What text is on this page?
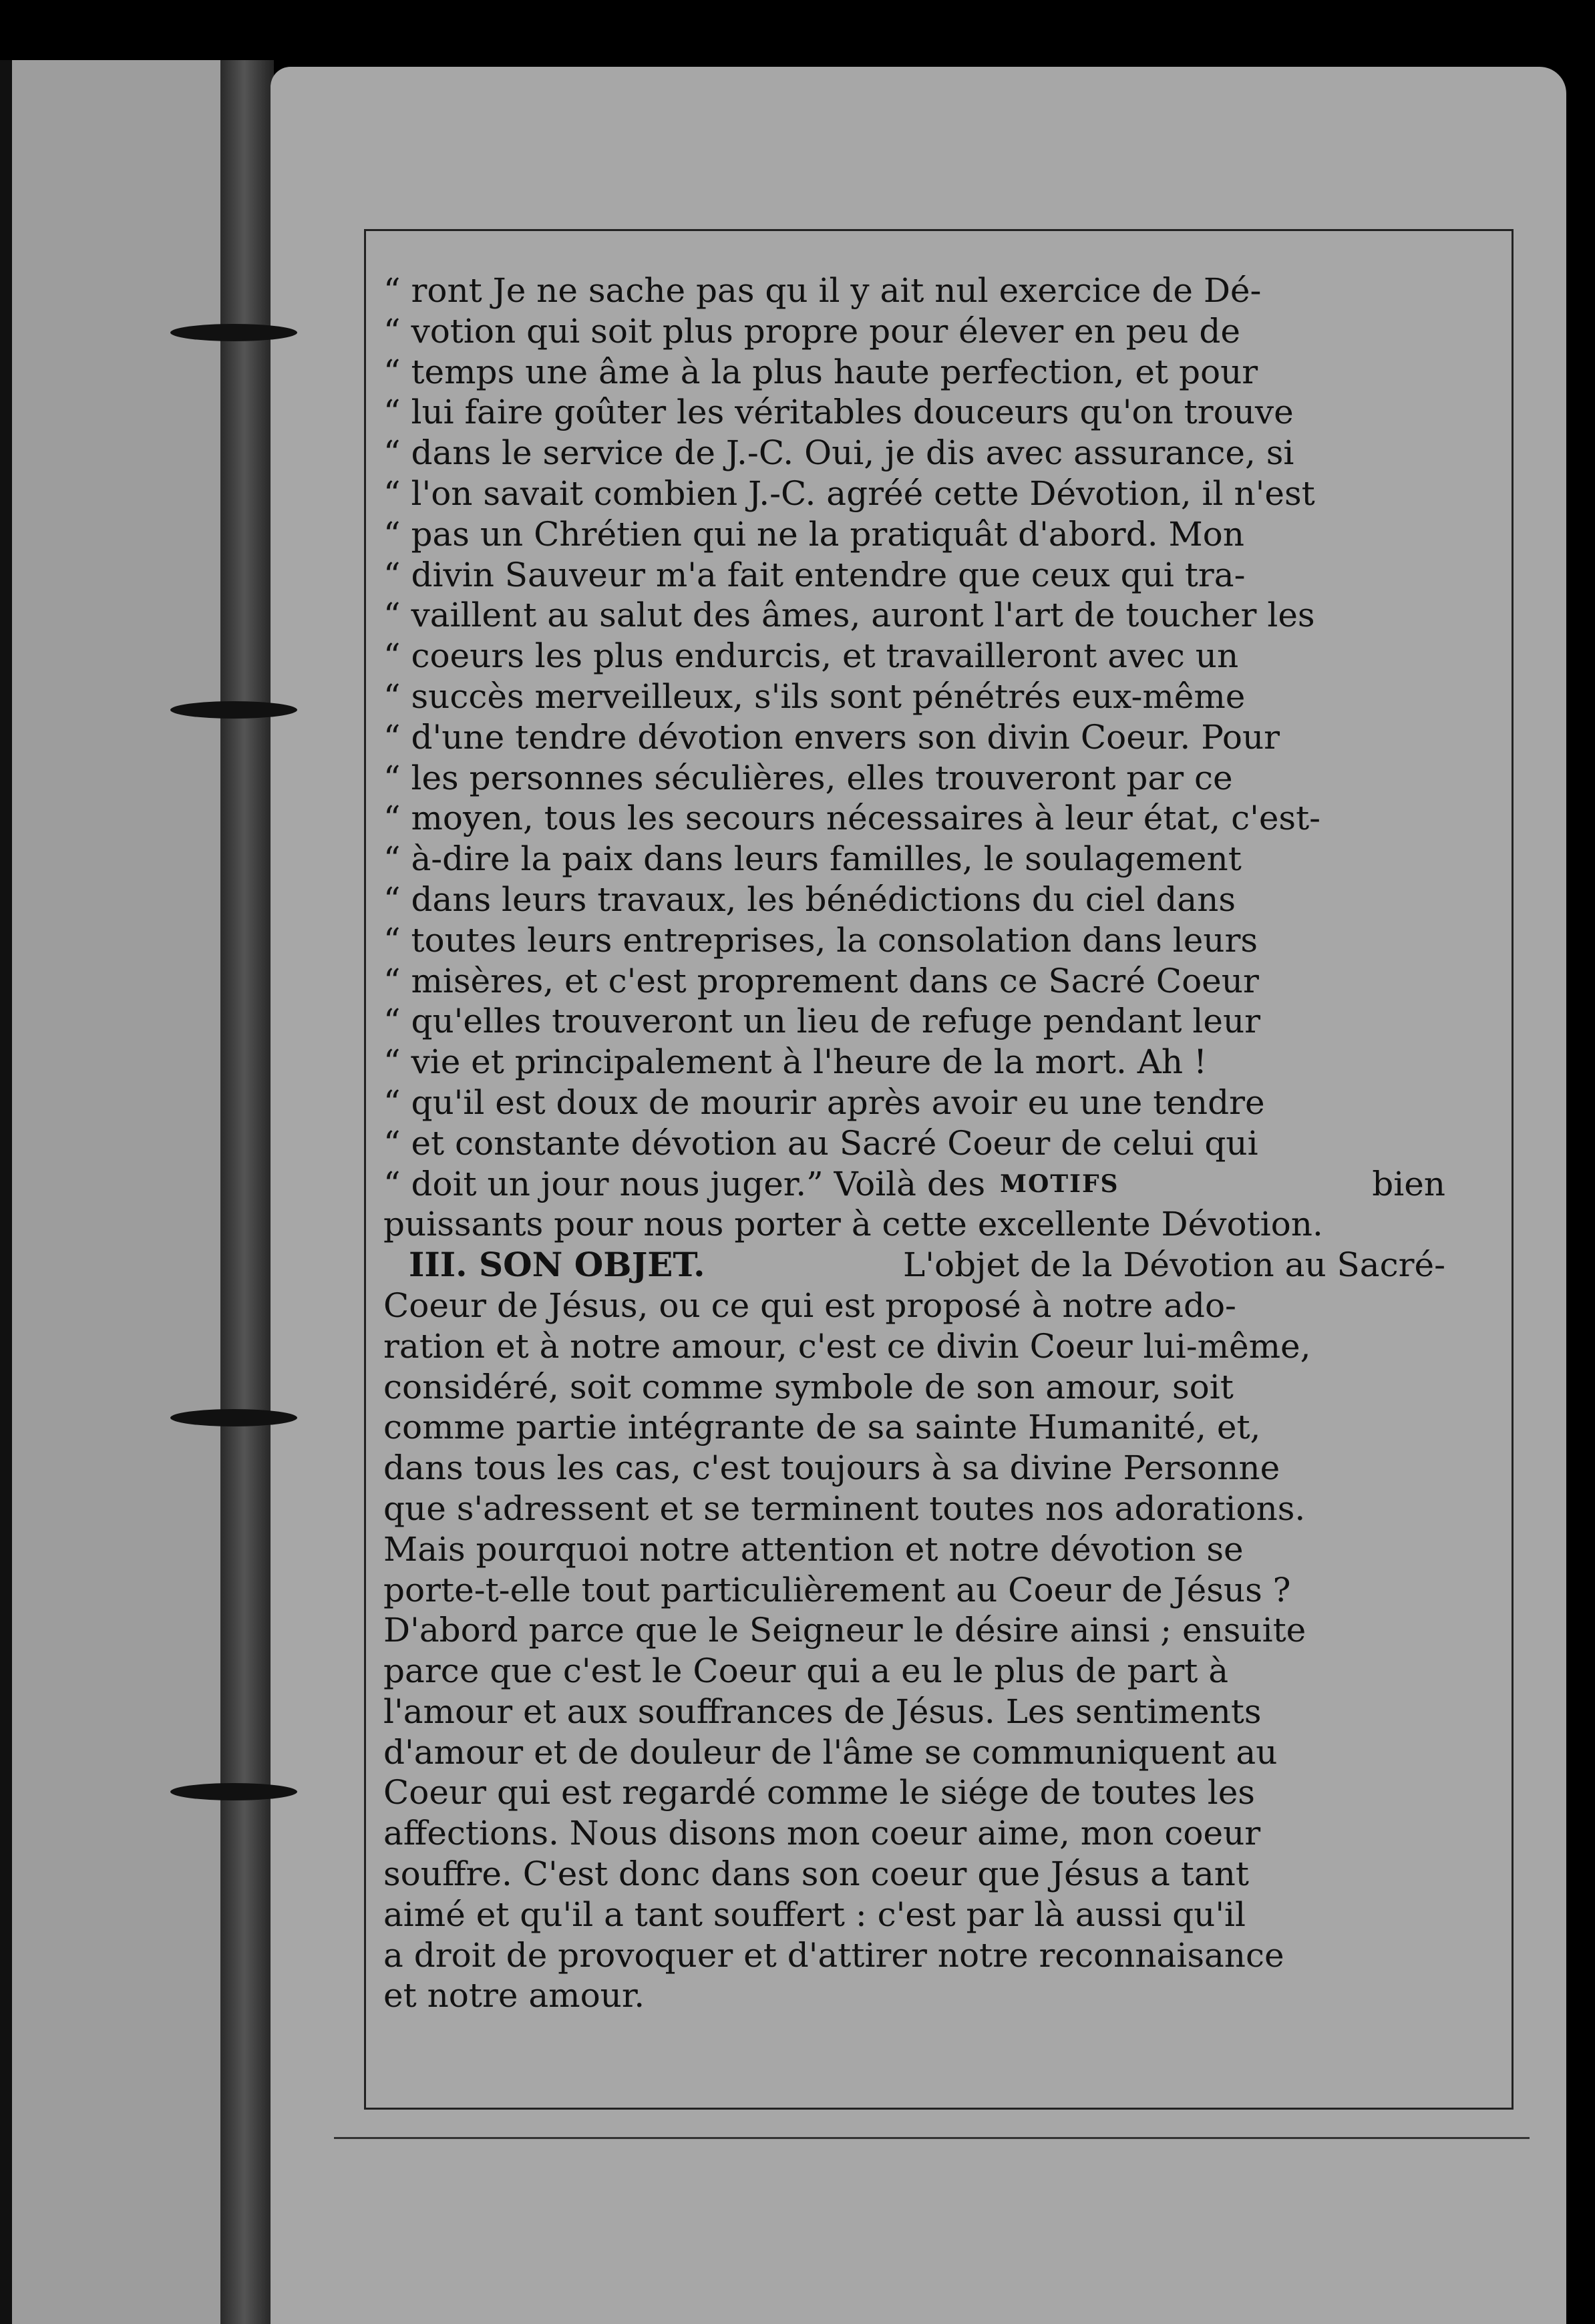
“ ront Je ne sache pas qu il y ait nul exercice de Dé-
“ votion qui soit plus propre pour élever en peu de
“ temps une âme à la plus haute perfection, et pour
“ lui faire goûter les véritables douceurs qu'on trouve
“ dans le service de J.-C. Oui, je dis avec assurance, si
“ l'on savait combien J.-C. agréé cette Dévotion, il n'est
“ pas un Chrétien qui ne la pratiquât d'abord. Mon
“ divin Sauveur m'a fait entendre que ceux qui tra-
“ vaillent au salut des âmes, auront l'art de toucher les
“ coeurs les plus endurcis, et travailleront avec un
“ succès merveilleux, s'ils sont pénétrés eux-même
“ d'une tendre dévotion envers son divin Coeur. Pour
“ les personnes séculières, elles trouveront par ce
“ moyen, tous les secours nécessaires à leur état, c'est-
“ à-dire la paix dans leurs familles, le soulagement
“ dans leurs travaux, les bénédictions du ciel dans
“ toutes leurs entreprises, la consolation dans leurs
“ misères, et c'est proprement dans ce Sacré Coeur
“ qu'elles trouveront un lieu de refuge pendant leur
“ vie et principalement à l'heure de la mort. Ah !
“ qu'il est doux de mourir après avoir eu une tendre
“ et constante dévotion au Sacré Coeur de celui qui
“ doit un jour nous juger.” Voilà des MOTIFS	bien
puissants pour nous porter à cette excellente Dévotion.
III. SON OBJET.	L'objet de la Dévotion au Sacré-
Coeur de Jésus, ou ce qui est proposé à notre ado-
ration et à notre amour, c'est ce divin Coeur lui-même,
considéré, soit comme symbole de son amour, soit
comme partie intégrante de sa sainte Humanité, et,
dans tous les cas, c'est toujours à sa divine Personne
que s'adressent et se terminent toutes nos adorations.
Mais pourquoi notre attention et notre dévotion se
porte-t-elle tout particulièrement au Coeur de Jésus ?
D'abord parce que le Seigneur le désire ainsi ; ensuite
parce que c'est le Coeur qui a eu le plus de part à
l'amour et aux souffrances de Jésus. Les sentiments
d'amour et de douleur de l'âme se communiquent au
Coeur qui est regardé comme le siége de toutes les
affections. Nous disons mon coeur aime, mon coeur
souffre. C'est donc dans son coeur que Jésus a tant
aimé et qu'il a tant souffert : c'est par là aussi qu'il
a droit de provoquer et d'attirer notre reconnaisance
et notre amour.
